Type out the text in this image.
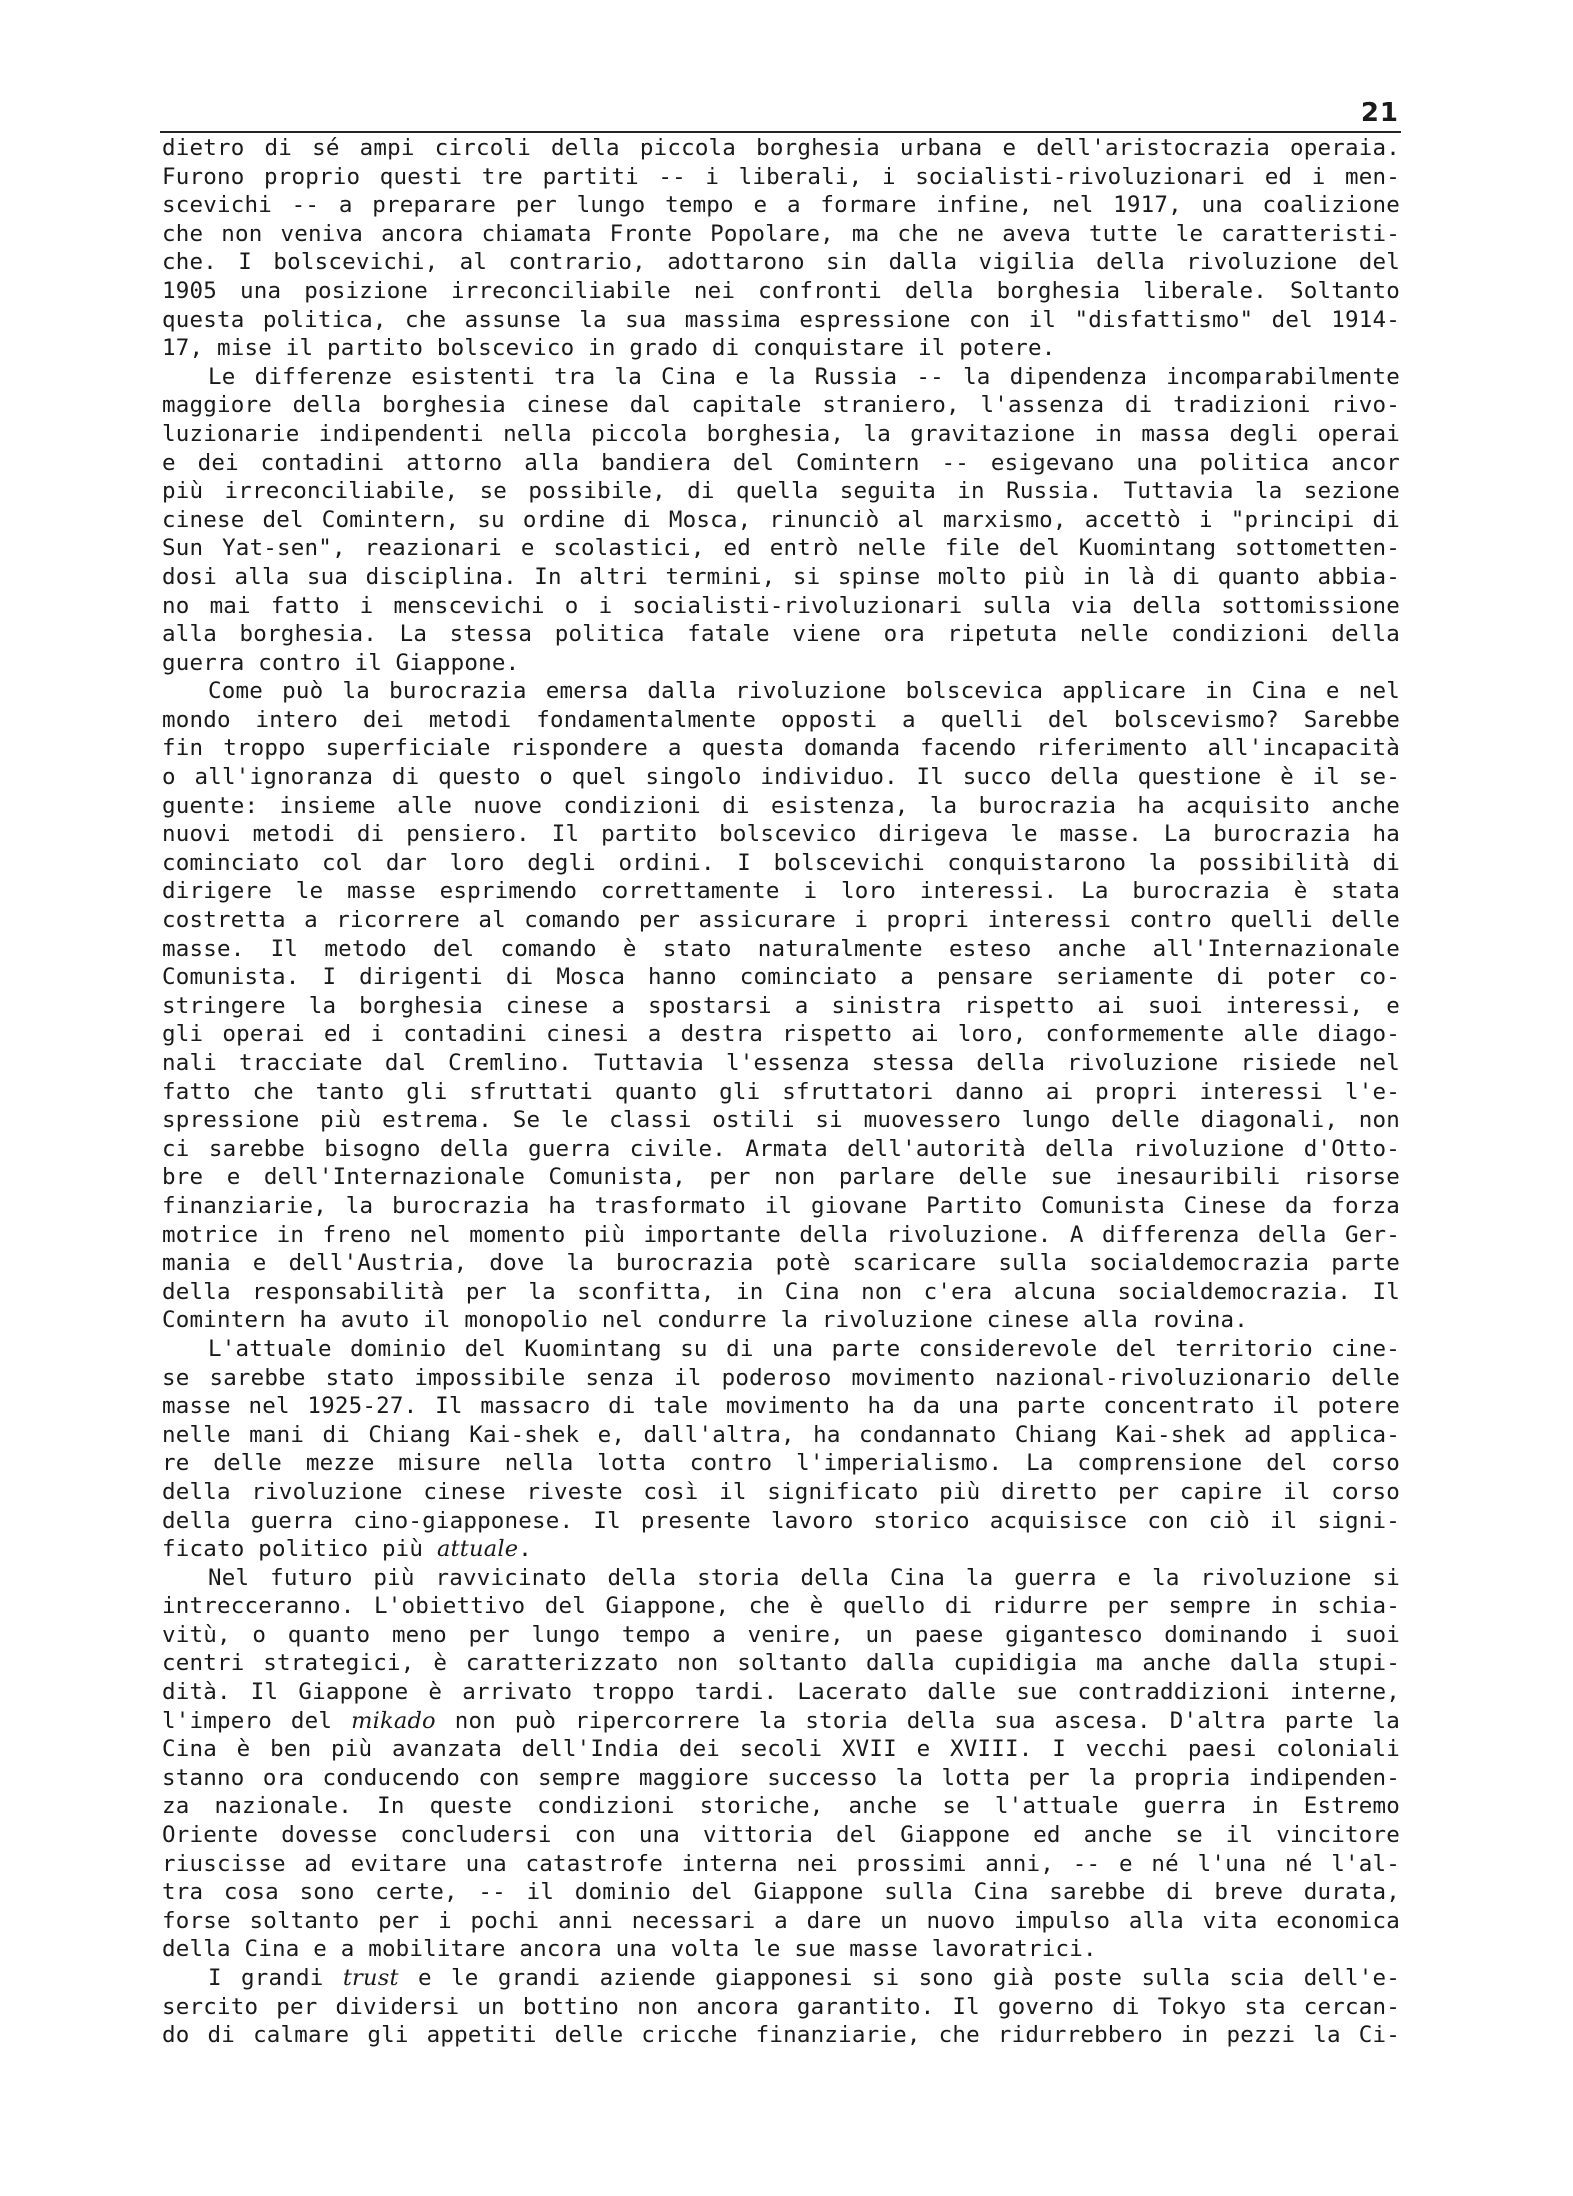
21
dietro di sé ampi circoli della piccola borghesia urbana e dell'aristocrazia operaia.
Furono proprio questi tre partiti -- i liberali, i socialisti-rivoluzionari ed i men-
scevichi -- a preparare per lungo tempo e a formare infine, nel 1917, una coalizione
che non veniva ancora chiamata Fronte Popolare, ma che ne aveva tutte le caratteristi-
che. I bolscevichi, al contrario, adottarono sin dalla vigilia della rivoluzione del
1905 una posizione irreconciliabile nei confronti della borghesia liberale. Soltanto
questa politica, che assunse la sua massima espressione con il "disfattismo" del 1914-
17, mise il partito bolscevico in grado di conquistare il potere.
Le differenze esistenti tra la Cina e la Russia -- la dipendenza incomparabilmente
maggiore della borghesia cinese dal capitale straniero, l'assenza di tradizioni rivo-
luzionarie indipendenti nella piccola borghesia, la gravitazione in massa degli operai
e dei contadini attorno alla bandiera del Comintern -- esigevano una politica ancor
più irreconciliabile, se possibile, di quella seguita in Russia. Tuttavia la sezione
cinese del Comintern, su ordine di Mosca, rinunciò al marxismo, accettò i "principi di
Sun Yat-sen", reazionari e scolastici, ed entrò nelle file del Kuomintang sottometten-
dosi alla sua disciplina. In altri termini, si spinse molto più in là di quanto abbia-
no mai fatto i menscevichi o i socialisti-rivoluzionari sulla via della sottomissione
alla borghesia. La stessa politica fatale viene ora ripetuta nelle condizioni della
guerra contro il Giappone.
Come può la burocrazia emersa dalla rivoluzione bolscevica applicare in Cina e nel
mondo intero dei metodi fondamentalmente opposti a quelli del bolscevismo? Sarebbe
fin troppo superficiale rispondere a questa domanda facendo riferimento all'incapacità
o all'ignoranza di questo o quel singolo individuo. Il succo della questione è il se-
guente: insieme alle nuove condizioni di esistenza, la burocrazia ha acquisito anche
nuovi metodi di pensiero. Il partito bolscevico dirigeva le masse. La burocrazia ha
cominciato col dar loro degli ordini. I bolscevichi conquistarono la possibilità di
dirigere le masse esprimendo correttamente i loro interessi. La burocrazia è stata
costretta a ricorrere al comando per assicurare i propri interessi contro quelli delle
masse. Il metodo del comando è stato naturalmente esteso anche all'Internazionale
Comunista. I dirigenti di Mosca hanno cominciato a pensare seriamente di poter co-
stringere la borghesia cinese a spostarsi a sinistra rispetto ai suoi interessi, e
gli operai ed i contadini cinesi a destra rispetto ai loro, conformemente alle diago-
nali tracciate dal Cremlino. Tuttavia l'essenza stessa della rivoluzione risiede nel
fatto che tanto gli sfruttati quanto gli sfruttatori danno ai propri interessi l'e-
spressione più estrema. Se le classi ostili si muovessero lungo delle diagonali, non
ci sarebbe bisogno della guerra civile. Armata dell'autorità della rivoluzione d'Otto-
bre e dell'Internazionale Comunista, per non parlare delle sue inesauribili risorse
finanziarie, la burocrazia ha trasformato il giovane Partito Comunista Cinese da forza
motrice in freno nel momento più importante della rivoluzione. A differenza della Ger-
mania e dell'Austria, dove la burocrazia potè scaricare sulla socialdemocrazia parte
della responsabilità per la sconfitta, in Cina non c'era alcuna socialdemocrazia. Il
Comintern ha avuto il monopolio nel condurre la rivoluzione cinese alla rovina.
L'attuale dominio del Kuomintang su di una parte considerevole del territorio cine-
se sarebbe stato impossibile senza il poderoso movimento nazional-rivoluzionario delle
masse nel 1925-27. Il massacro di tale movimento ha da una parte concentrato il potere
nelle mani di Chiang Kai-shek e, dall'altra, ha condannato Chiang Kai-shek ad applica-
re delle mezze misure nella lotta contro l'imperialismo. La comprensione del corso
della rivoluzione cinese riveste così il significato più diretto per capire il corso
della guerra cino-giapponese. Il presente lavoro storico acquisisce con ciò il signi-
ficato politico più attuale.
Nel futuro più ravvicinato della storia della Cina la guerra e la rivoluzione si
intrecceranno. L'obiettivo del Giappone, che è quello di ridurre per sempre in schia-
vitù, o quanto meno per lungo tempo a venire, un paese gigantesco dominando i suoi
centri strategici, è caratterizzato non soltanto dalla cupidigia ma anche dalla stupi-
dità. Il Giappone è arrivato troppo tardi. Lacerato dalle sue contraddizioni interne,
l'impero del mikado non può ripercorrere la storia della sua ascesa. D'altra parte la
Cina è ben più avanzata dell'India dei secoli XVII e XVIII. I vecchi paesi coloniali
stanno ora conducendo con sempre maggiore successo la lotta per la propria indipenden-
za nazionale. In queste condizioni storiche, anche se l'attuale guerra in Estremo
Oriente dovesse concludersi con una vittoria del Giappone ed anche se il vincitore
riuscisse ad evitare una catastrofe interna nei prossimi anni, -- e né l'una né l'al-
tra cosa sono certe, -- il dominio del Giappone sulla Cina sarebbe di breve durata,
forse soltanto per i pochi anni necessari a dare un nuovo impulso alla vita economica
della Cina e a mobilitare ancora una volta le sue masse lavoratrici.
I grandi trust e le grandi aziende giapponesi si sono già poste sulla scia dell'e-
sercito per dividersi un bottino non ancora garantito. Il governo di Tokyo sta cercan-
do di calmare gli appetiti delle cricche finanziarie, che ridurrebbero in pezzi la Ci-
